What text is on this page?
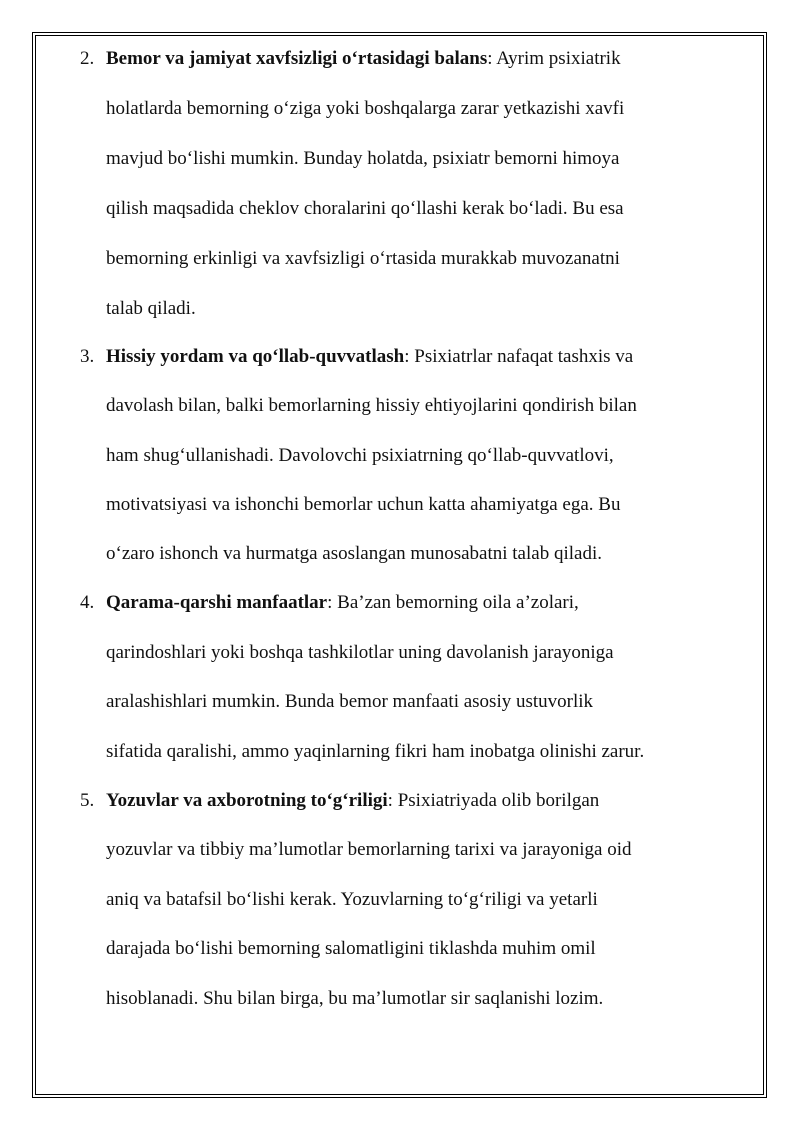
2. Bemor va jamiyat xavfsizligi o‘rtasidagi balans: Ayrim psixiatrik
holatlarda bemorning o‘ziga yoki boshqalarga zarar yetkazishi xavfi
mavjud bo‘lishi mumkin. Bunday holatda, psixiatr bemorni himoya
qilish maqsadida cheklov choralarini qo‘llashi kerak bo‘ladi. Bu esa
bemorning erkinligi va xavfsizligi o‘rtasida murakkab muvozanatni
talab qiladi.
3. Hissiy yordam va qo‘llab-quvvatlash: Psixiatrlar nafaqat tashxis va
davolash bilan, balki bemorlarning hissiy ehtiyojlarini qondirish bilan
ham shug‘ullanishadi. Davolovchi psixiatrning qo‘llab-quvvatlovi,
motivatsiyasi va ishonchi bemorlar uchun katta ahamiyatga ega. Bu
o‘zaro ishonch va hurmatga asoslangan munosabatni talab qiladi.
4. Qarama-qarshi manfaatlar: Ba’zan bemorning oila a’zolari,
qarindoshlari yoki boshqa tashkilotlar uning davolanish jarayoniga
aralashishlari mumkin. Bunda bemor manfaati asosiy ustuvorlik
sifatida qaralishi, ammo yaqinlarning fikri ham inobatga olinishi zarur.
5. Yozuvlar va axborotning to‘g‘riligi: Psixiatriyada olib borilgan
yozuvlar va tibbiy ma’lumotlar bemorlarning tarixi va jarayoniga oid
aniq va batafsil bo‘lishi kerak. Yozuvlarning to‘g‘riligi va yetarli
darajada bo‘lishi bemorning salomatligini tiklashda muhim omil
hisoblanadi. Shu bilan birga, bu ma’lumotlar sir saqlanishi lozim.
